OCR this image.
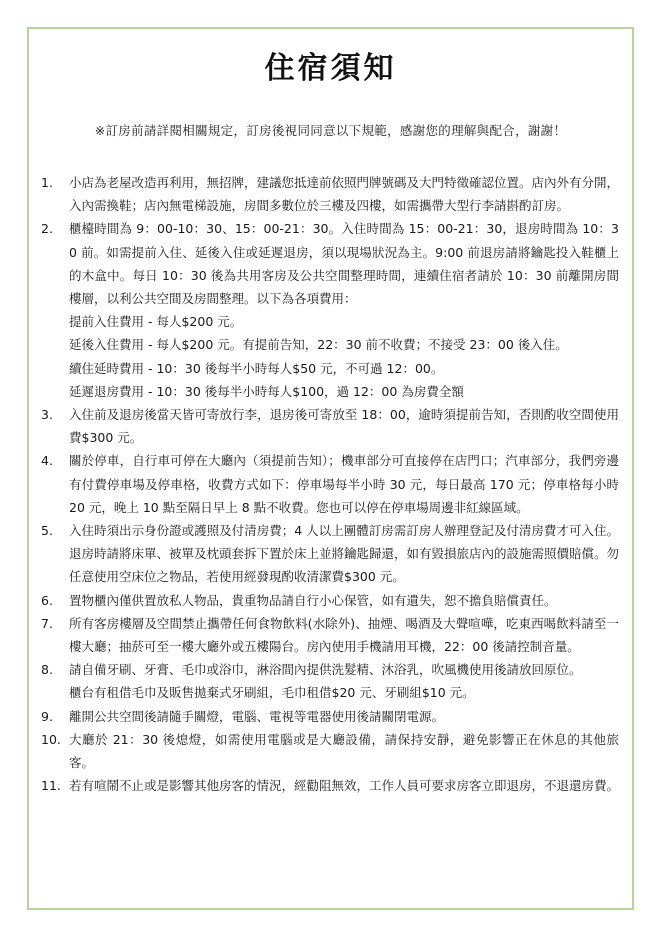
住宿須知
※訂房前請詳閱相關規定，訂房後視同同意以下規範，感謝您的理解與配合，謝謝！
1.	小店為老屋改造再利用，無招牌，建議您抵達前依照門牌號碼及大門特徵確認位置。店內外有分開，入內需換鞋；店內無電梯設施，房間多數位於三樓及四樓，如需攜帶大型行李請斟酌訂房。
2.	櫃檯時間為 9：00-10：30、15：00-21：30。入住時間為 15：00-21：30，退房時間為 10：30 前。如需提前入住、延後入住或延遲退房，須以現場狀況為主。9:00 前退房請將鑰匙投入鞋櫃上的木盒中。每日 10：30 後為共用客房及公共空間整理時間，連續住宿者請於 10：30 前離開房間樓層，以利公共空間及房間整理。以下為各項費用：
提前入住費用 - 每人$200 元。
延後入住費用 - 每人$200 元。有提前告知，22：30 前不收費；不接受 23：00 後入住。
續住延時費用 - 10：30 後每半小時每人$50 元，不可過 12：00。
延遲退房費用 - 10：30 後每半小時每人$100，過 12：00 為房費全額
3.	入住前及退房後當天皆可寄放行李，退房後可寄放至 18：00，逾時須提前告知，否則酌收空間使用費$300 元。
4.	關於停車，自行車可停在大廳內（須提前告知）；機車部分可直接停在店門口；汽車部分，我們旁邊有付費停車場及停車格，收費方式如下：停車場每半小時 30 元，每日最高 170 元；停車格每小時 20 元，晚上 10 點至隔日早上 8 點不收費。您也可以停在停車場周邊非紅線區域。
5.	入住時須出示身份證或護照及付清房費；4 人以上團體訂房需訂房人辦理登記及付清房費才可入住。退房時請將床單、被單及枕頭套拆下置於床上並將鑰匙歸還，如有毀損旅店內的設施需照價賠償。勿任意使用空床位之物品，若使用經發現酌收清潔費$300 元。
6.	置物櫃內僅供置放私人物品，貴重物品請自行小心保管，如有遺失，恕不擔負賠償責任。
7.	所有客房樓層及空間禁止攜帶任何食物飲料(水除外)、抽煙、喝酒及大聲喧嘩，吃東西喝飲料請至一樓大廳；抽菸可至一樓大廳外或五樓陽台。房內使用手機請用耳機，22：00 後請控制音量。
8.	請自備牙刷、牙膏、毛巾或浴巾，淋浴間內提供洗髮精、沐浴乳，吹風機使用後請放回原位。
櫃台有租借毛巾及販售拋棄式牙刷組，毛巾租借$20 元、牙刷組$10 元。
9.	離開公共空間後請隨手關燈，電腦、電視等電器使用後請關閉電源。
10. 大廳於 21：30 後熄燈，如需使用電腦或是大廳設備，請保持安靜，避免影響正在休息的其他旅客。
11. 若有喧鬧不止或是影響其他房客的情況，經勸阻無效，工作人員可要求房客立即退房，不退還房費。
